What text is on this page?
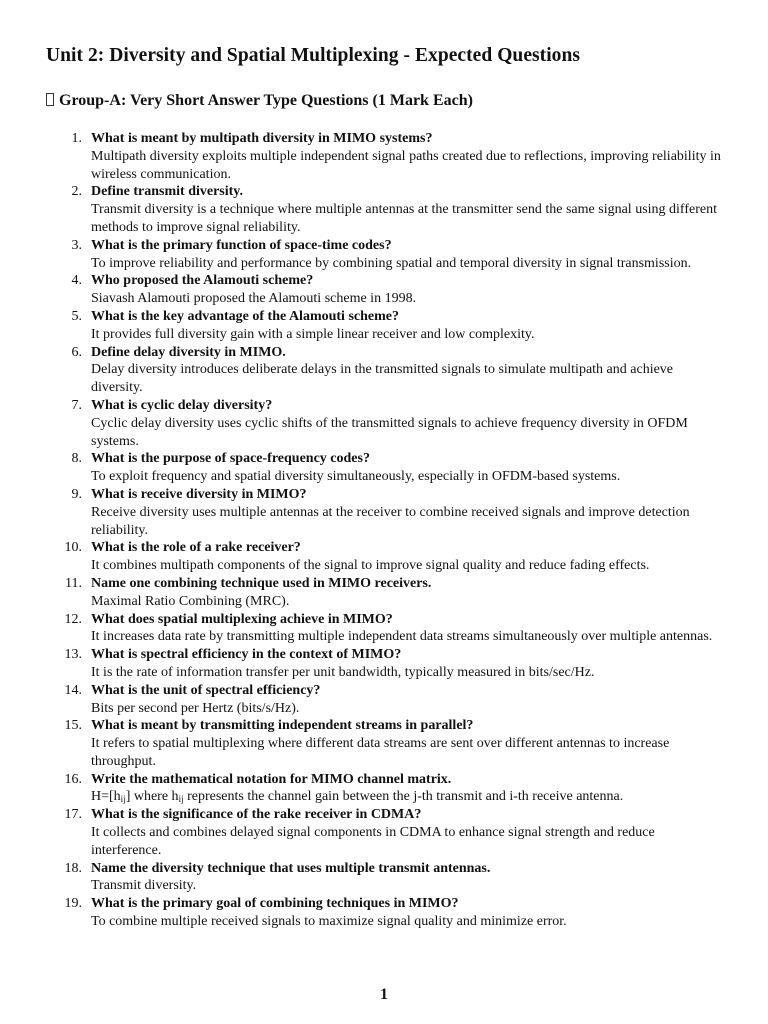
Unit 2: Diversity and Spatial Multiplexing - Expected Questions
Group-A: Very Short Answer Type Questions (1 Mark Each)
1. What is meant by multipath diversity in MIMO systems?
Multipath diversity exploits multiple independent signal paths created due to reflections, improving reliability in wireless communication.
2. Define transmit diversity.
Transmit diversity is a technique where multiple antennas at the transmitter send the same signal using different methods to improve signal reliability.
3. What is the primary function of space-time codes?
To improve reliability and performance by combining spatial and temporal diversity in signal transmission.
4. Who proposed the Alamouti scheme?
Siavash Alamouti proposed the Alamouti scheme in 1998.
5. What is the key advantage of the Alamouti scheme?
It provides full diversity gain with a simple linear receiver and low complexity.
6. Define delay diversity in MIMO.
Delay diversity introduces deliberate delays in the transmitted signals to simulate multipath and achieve diversity.
7. What is cyclic delay diversity?
Cyclic delay diversity uses cyclic shifts of the transmitted signals to achieve frequency diversity in OFDM systems.
8. What is the purpose of space-frequency codes?
To exploit frequency and spatial diversity simultaneously, especially in OFDM-based systems.
9. What is receive diversity in MIMO?
Receive diversity uses multiple antennas at the receiver to combine received signals and improve detection reliability.
10. What is the role of a rake receiver?
It combines multipath components of the signal to improve signal quality and reduce fading effects.
11. Name one combining technique used in MIMO receivers.
Maximal Ratio Combining (MRC).
12. What does spatial multiplexing achieve in MIMO?
It increases data rate by transmitting multiple independent data streams simultaneously over multiple antennas.
13. What is spectral efficiency in the context of MIMO?
It is the rate of information transfer per unit bandwidth, typically measured in bits/sec/Hz.
14. What is the unit of spectral efficiency?
Bits per second per Hertz (bits/s/Hz).
15. What is meant by transmitting independent streams in parallel?
It refers to spatial multiplexing where different data streams are sent over different antennas to increase throughput.
16. Write the mathematical notation for MIMO channel matrix.
$H=[h_{ij}]$ where $h_{ij}$ represents the channel gain between the j-th transmit and i-th receive antenna.
17. What is the significance of the rake receiver in CDMA?
It collects and combines delayed signal components in CDMA to enhance signal strength and reduce interference.
18. Name the diversity technique that uses multiple transmit antennas.
Transmit diversity.
19. What is the primary goal of combining techniques in MIMO?
To combine multiple received signals to maximize signal quality and minimize error.
1
